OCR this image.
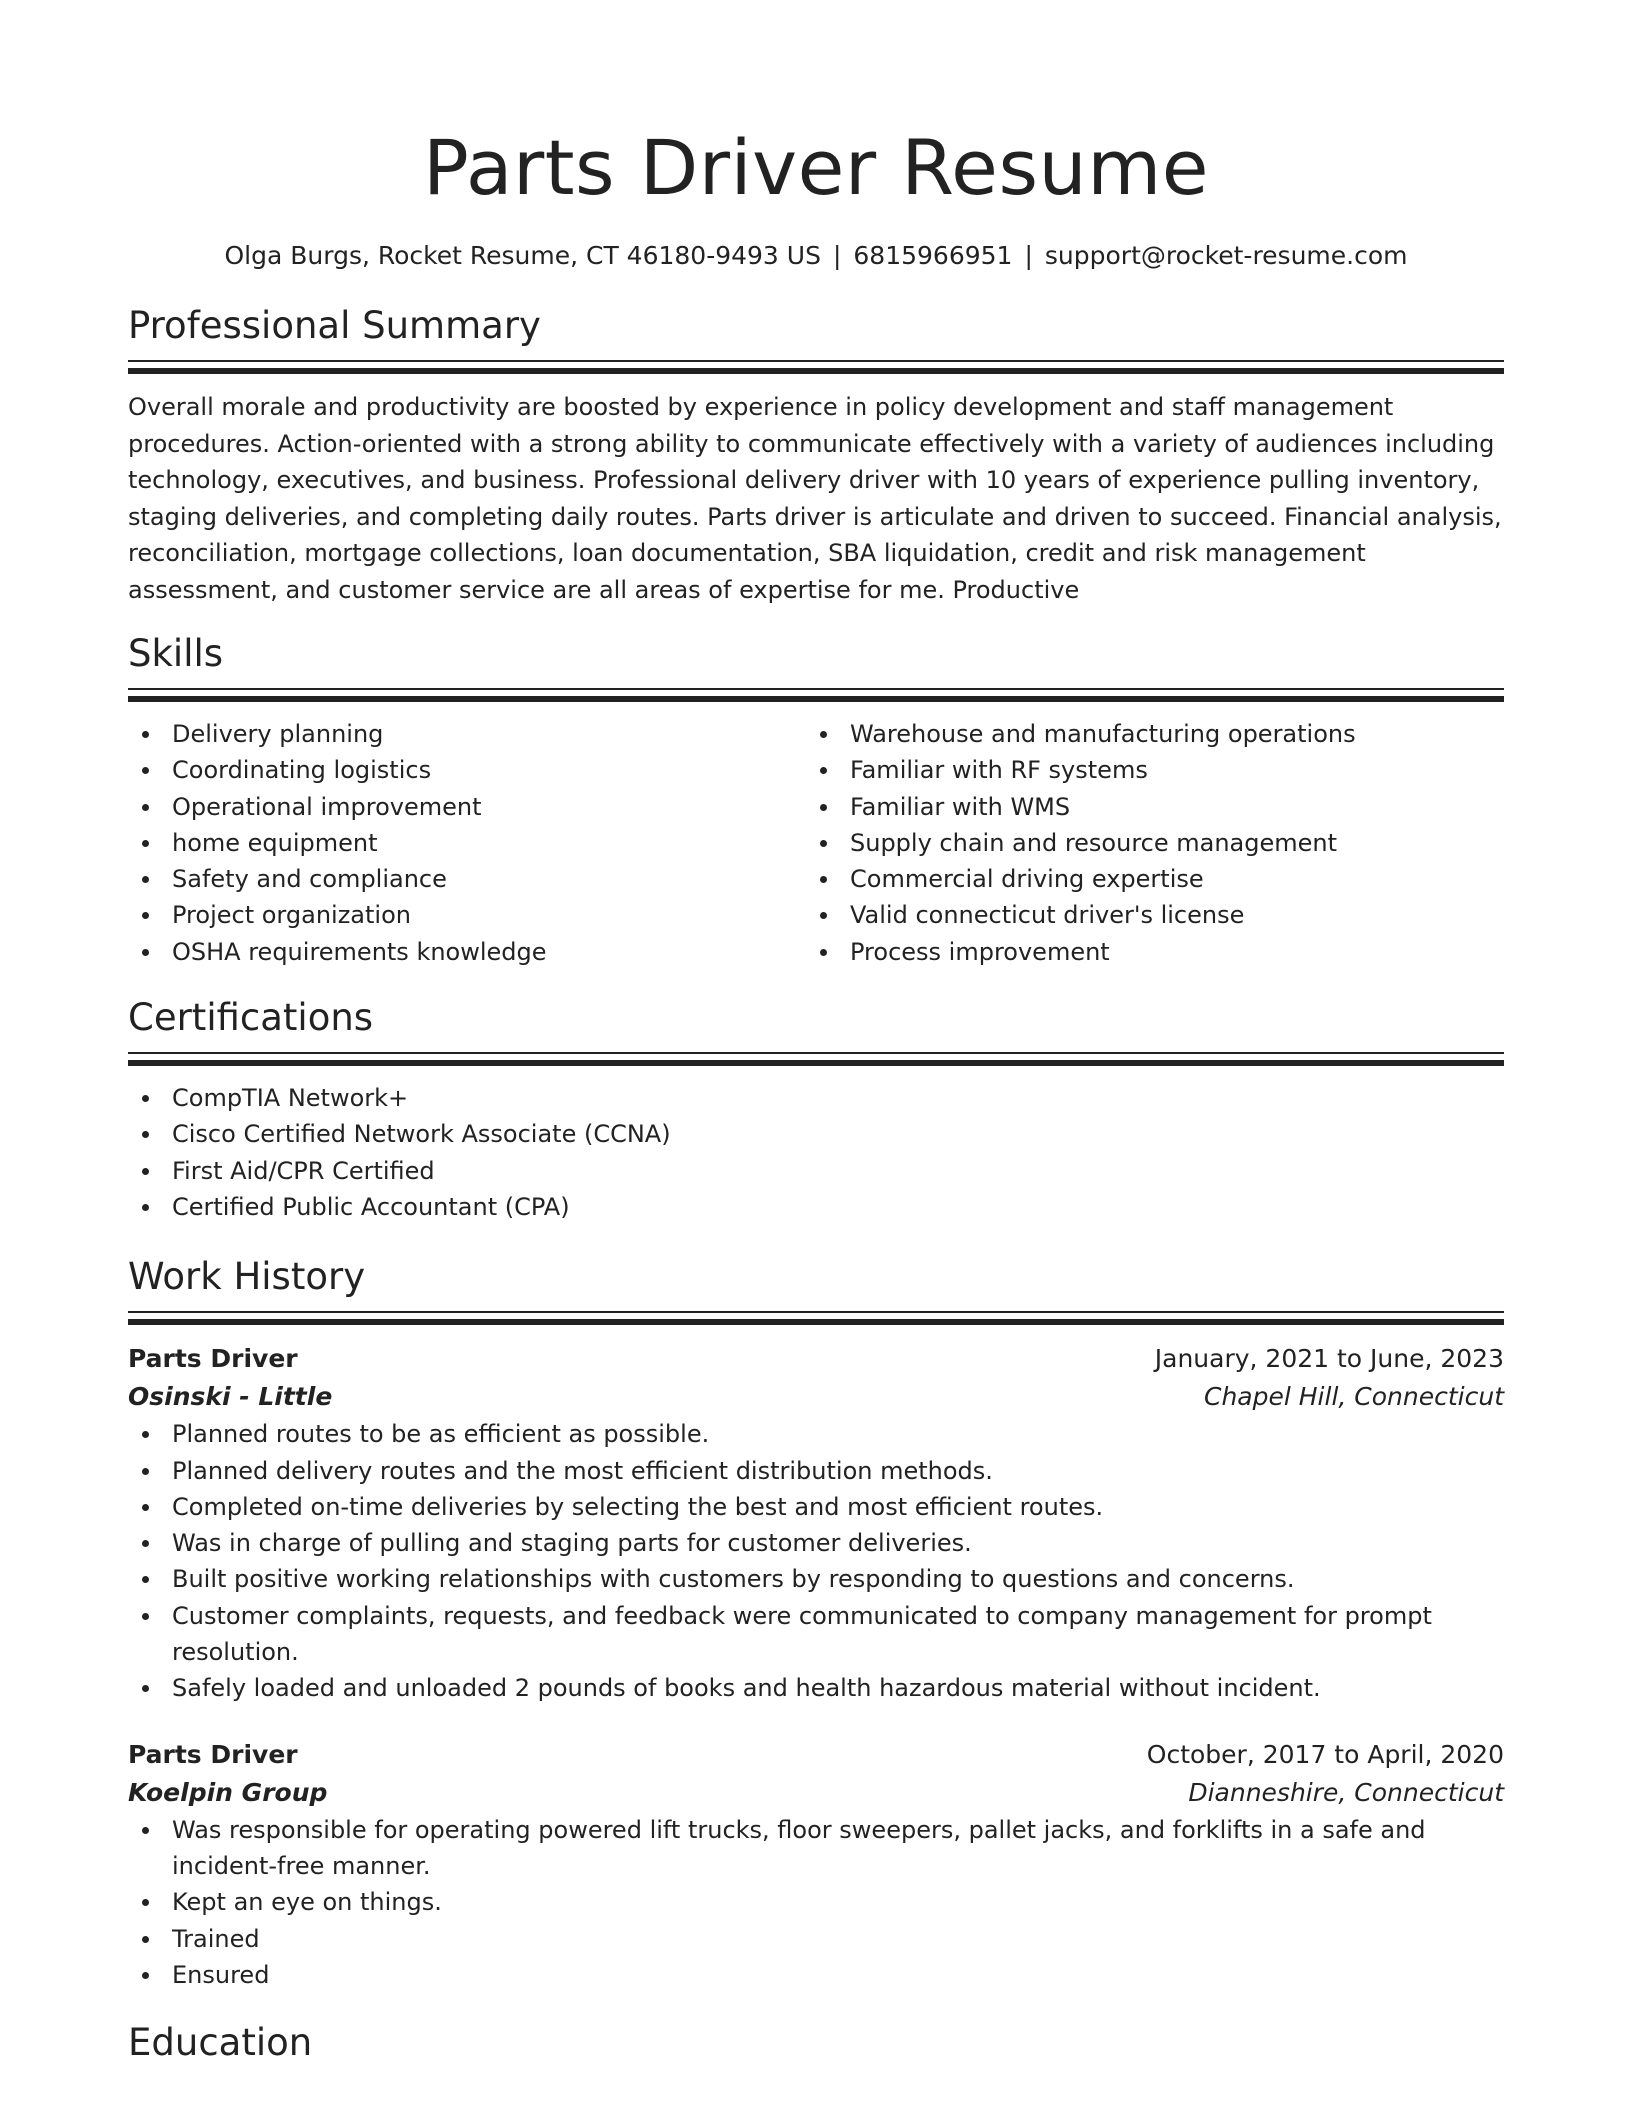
Parts Driver Resume
Olga Burgs, Rocket Resume, CT 46180-9493 US | 6815966951 | support@rocket-resume.com
Professional Summary

Overall morale and productivity are boosted by experience in policy development and staff management procedures. Action-oriented with a strong ability to communicate effectively with a variety of audiences including technology, executives, and business. Professional delivery driver with 10 years of experience pulling inventory, staging deliveries, and completing daily routes. Parts driver is articulate and driven to succeed. Financial analysis, reconciliation, mortgage collections, loan documentation, SBA liquidation, credit and risk management assessment, and customer service are all areas of expertise for me. Productive

Skills
Delivery planning
Coordinating logistics
Operational improvement
home equipment
Safety and compliance
Project organization
OSHA requirements knowledge
Warehouse and manufacturing operations
Familiar with RF systems
Familiar with WMS
Supply chain and resource management
Commercial driving expertise
Valid connecticut driver's license
Process improvement
Certifications
CompTIA Network+
Cisco Certified Network Associate (CCNA)
First Aid/CPR Certified
Certified Public Accountant (CPA)
Work History
Parts Driver	January, 2021 to June, 2023
Osinski - Little	Chapel Hill, Connecticut
Planned routes to be as efficient as possible.
Planned delivery routes and the most efficient distribution methods.
Completed on-time deliveries by selecting the best and most efficient routes.
Was in charge of pulling and staging parts for customer deliveries.
Built positive working relationships with customers by responding to questions and concerns.
Customer complaints, requests, and feedback were communicated to company management for prompt resolution.
Safely loaded and unloaded 2 pounds of books and health hazardous material without incident.
Parts Driver	October, 2017 to April, 2020
Koelpin Group	Dianneshire, Connecticut
Was responsible for operating powered lift trucks, floor sweepers, pallet jacks, and forklifts in a safe and incident-free manner.
Kept an eye on things.
Trained
Ensured
Education
